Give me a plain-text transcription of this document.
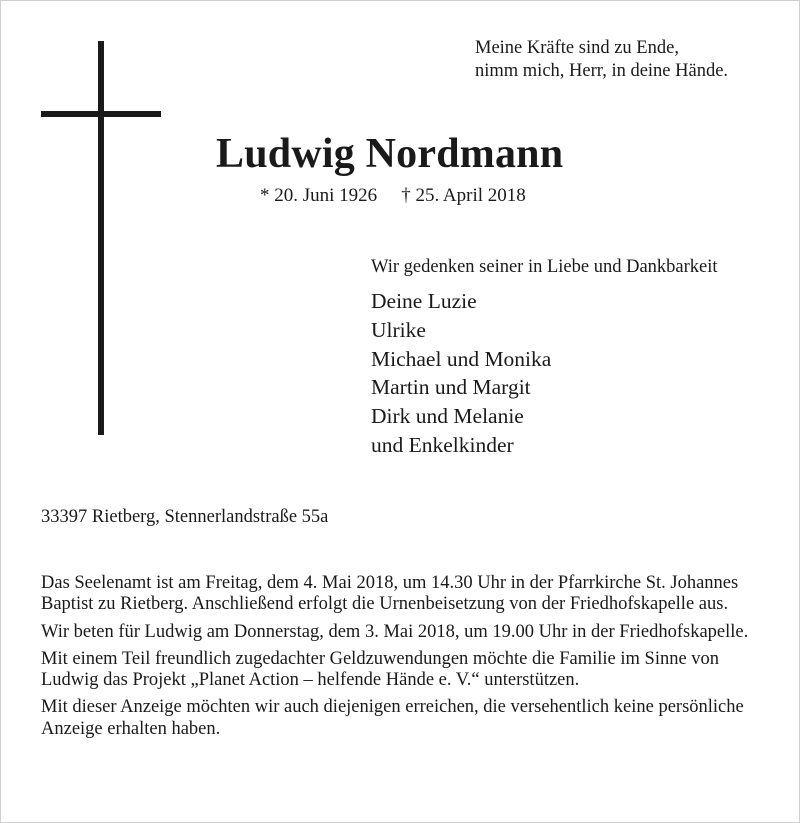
Meine Kräfte sind zu Ende,
nimm mich, Herr, in deine Hände.
Ludwig Nordmann
* 20. Juni 1926 † 25. April 2018
Wir gedenken seiner in Liebe und Dankbarkeit
Deine Luzie
Ulrike
Michael und Monika
Martin und Margit
Dirk und Melanie
und Enkelkinder
33397 Rietberg, Stennerlandstraße 55a

Das Seelenamt ist am Freitag, dem 4. Mai 2018, um 14.30 Uhr in der Pfarrkirche St. Johannes Baptist zu Rietberg. Anschließend erfolgt die Urnenbeisetzung von der Friedhofskapelle aus.

Wir beten für Ludwig am Donnerstag, dem 3. Mai 2018, um 19.00 Uhr in der Friedhofskapelle.

Mit einem Teil freundlich zugedachter Geldzuwendungen möchte die Familie im Sinne von Ludwig das Projekt „Planet Action – helfende Hände e. V.“ unterstützen.

Mit dieser Anzeige möchten wir auch diejenigen erreichen, die versehentlich keine persönliche Anzeige erhalten haben.
